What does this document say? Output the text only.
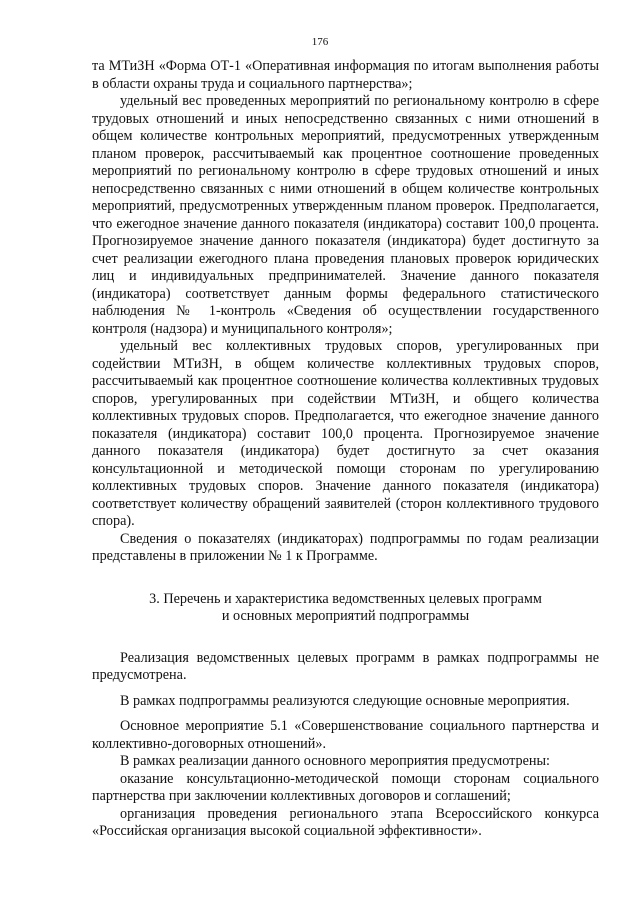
176

та МТиЗН «Форма ОТ-1 «Оперативная информация по итогам выполнения работы в области охраны труда и социального партнерства»;

удельный вес проведенных мероприятий по региональному контролю в сфере трудовых отношений и иных непосредственно связанных с ними отношений в общем количестве контрольных мероприятий, предусмотренных утвержденным планом проверок, рассчитываемый как процентное соотношение проведенных мероприятий по региональному контролю в сфере трудовых отношений и иных непосредственно связанных с ними отношений в общем количестве контрольных мероприятий, предусмотренных утвержденным планом проверок. Предполагается, что ежегодное значение данного показателя (индикатора) составит 100,0 процента. Прогнозируемое значение данного показателя (индикатора) будет достигнуто за счет реализации ежегодного плана проведения плановых проверок юридических лиц и индивидуальных предпринимателей. Значение данного показателя (индикатора) соответствует данным формы федерального статистического наблюдения № 1-контроль «Сведения об осуществлении государственного контроля (надзора) и муниципального контроля»;

удельный вес коллективных трудовых споров, урегулированных при содействии МТиЗН, в общем количестве коллективных трудовых споров, рассчитываемый как процентное соотношение количества коллективных трудовых споров, урегулированных при содействии МТиЗН, и общего количества коллективных трудовых споров. Предполагается, что ежегодное значение данного показателя (индикатора) составит 100,0 процента. Прогнозируемое значение данного показателя (индикатора) будет достигнуто за счет оказания консультационной и методической помощи сторонам по урегулированию коллективных трудовых споров. Значение данного показателя (индикатора) соответствует количеству обращений заявителей (сторон коллективного трудового спора).

Сведения о показателях (индикаторах) подпрограммы по годам реализации представлены в приложении № 1 к Программе.

3. Перечень и характеристика ведомственных целевых программ
и основных мероприятий подпрограммы

Реализация ведомственных целевых программ в рамках подпрограммы не предусмотрена.

В рамках подпрограммы реализуются следующие основные мероприятия.

Основное мероприятие 5.1 «Совершенствование социального партнерства и коллективно-договорных отношений».

В рамках реализации данного основного мероприятия предусмотрены:

оказание консультационно-методической помощи сторонам социального партнерства при заключении коллективных договоров и соглашений;

организация проведения регионального этапа Всероссийского конкурса «Российская организация высокой социальной эффективности».
